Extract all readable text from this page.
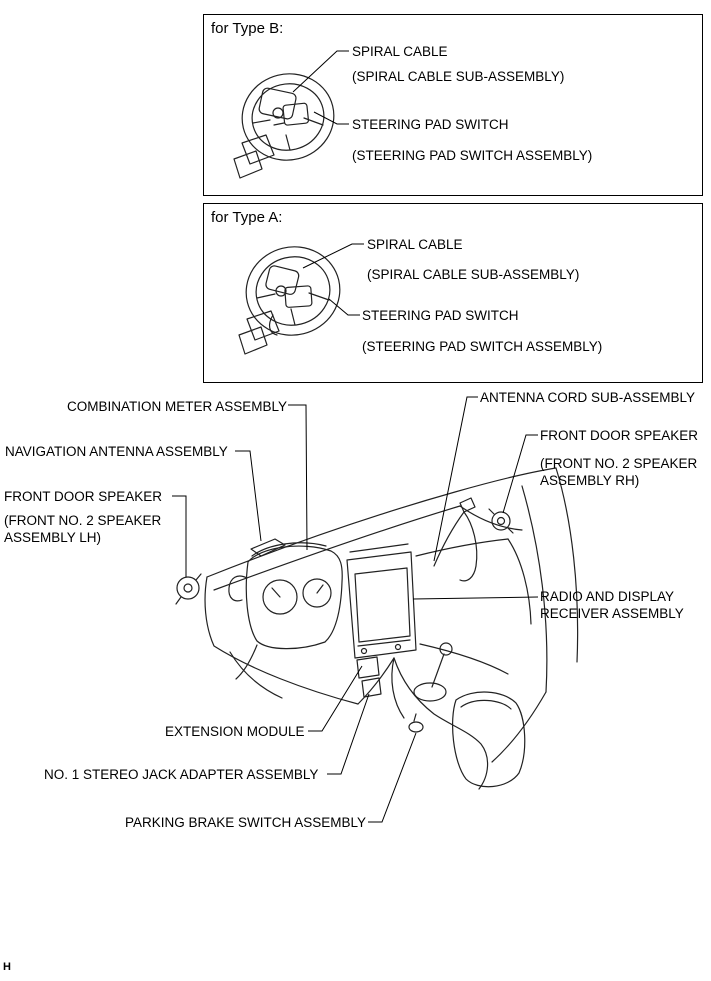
for Type B:
SPIRAL CABLE
(SPIRAL CABLE SUB-ASSEMBLY)
STEERING PAD SWITCH
(STEERING PAD SWITCH ASSEMBLY)
for Type A:
SPIRAL CABLE
(SPIRAL CABLE SUB-ASSEMBLY)
STEERING PAD SWITCH
(STEERING PAD SWITCH ASSEMBLY)
COMBINATION METER ASSEMBLY
ANTENNA CORD SUB-ASSEMBLY
NAVIGATION ANTENNA ASSEMBLY
FRONT DOOR SPEAKER
(FRONT NO. 2 SPEAKER
ASSEMBLY RH)
FRONT DOOR SPEAKER
(FRONT NO. 2 SPEAKER
ASSEMBLY LH)
RADIO AND DISPLAY
RECEIVER ASSEMBLY
EXTENSION MODULE
NO. 1 STEREO JACK ADAPTER ASSEMBLY
PARKING BRAKE SWITCH ASSEMBLY
H
